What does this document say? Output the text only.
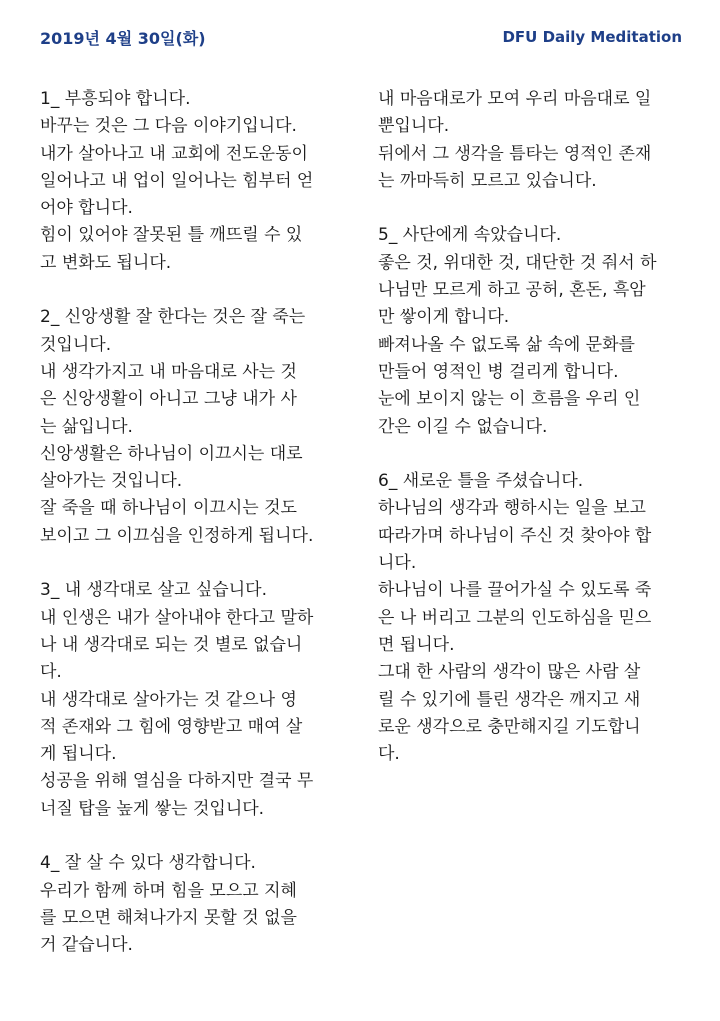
2019년 4월 30일(화)	DFU Daily Meditation
1_ 부흥되야 합니다.
바꾸는 것은 그 다음 이야기입니다.
내가 살아나고 내 교회에 전도운동이
일어나고 내 업이 일어나는 힘부터 얻
어야 합니다.
힘이 있어야 잘못된 틀 깨뜨릴 수 있
고 변화도 됩니다.
2_ 신앙생활 잘 한다는 것은 잘 죽는
것입니다.
내 생각가지고 내 마음대로 사는 것
은 신앙생활이 아니고 그냥 내가 사
는 삶입니다.
신앙생활은 하나님이 이끄시는 대로
살아가는 것입니다.
잘 죽을 때 하나님이 이끄시는 것도
보이고 그 이끄심을 인정하게 됩니다.
3_ 내 생각대로 살고 싶습니다.
내 인생은 내가 살아내야 한다고 말하
나 내 생각대로 되는 것 별로 없습니
다.
내 생각대로 살아가는 것 같으나 영
적 존재와 그 힘에 영향받고 매여 살
게 됩니다.
성공을 위해 열심을 다하지만 결국 무
너질 탑을 높게 쌓는 것입니다.
4_ 잘 살 수 있다 생각합니다.
우리가 함께 하며 힘을 모으고 지혜
를 모으면 해쳐나가지 못할 것 없을
거 같습니다.
내 마음대로가 모여 우리 마음대로 일
뿐입니다.
뒤에서 그 생각을 틈타는 영적인 존재
는 까마득히 모르고 있습니다.
5_ 사단에게 속았습니다.
좋은 것, 위대한 것, 대단한 것 줘서 하
나님만 모르게 하고 공허, 혼돈, 흑암
만 쌓이게 합니다.
빠져나올 수 없도록 삶 속에 문화를
만들어 영적인 병 걸리게 합니다.
눈에 보이지 않는 이 흐름을 우리 인
간은 이길 수 없습니다.
6_ 새로운 틀을 주셨습니다.
하나님의 생각과 행하시는 일을 보고
따라가며 하나님이 주신 것 찾아야 합
니다.
하나님이 나를 끌어가실 수 있도록 죽
은 나 버리고 그분의 인도하심을 믿으
면 됩니다.
그대 한 사람의 생각이 많은 사람 살
릴 수 있기에 틀린 생각은 깨지고 새
로운 생각으로 충만해지길 기도합니
다.
